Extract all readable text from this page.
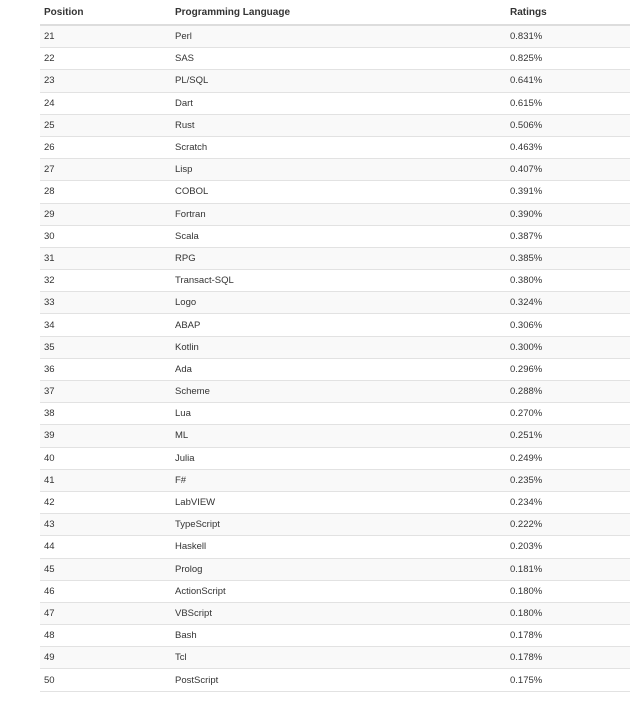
Position	Programming Language	Ratings
21	Perl	0.831%
22	SAS	0.825%
23	PL/SQL	0.641%
24	Dart	0.615%
25	Rust	0.506%
26	Scratch	0.463%
27	Lisp	0.407%
28	COBOL	0.391%
29	Fortran	0.390%
30	Scala	0.387%
31	RPG	0.385%
32	Transact-SQL	0.380%
33	Logo	0.324%
34	ABAP	0.306%
35	Kotlin	0.300%
36	Ada	0.296%
37	Scheme	0.288%
38	Lua	0.270%
39	ML	0.251%
40	Julia	0.249%
41	F#	0.235%
42	LabVIEW	0.234%
43	TypeScript	0.222%
44	Haskell	0.203%
45	Prolog	0.181%
46	ActionScript	0.180%
47	VBScript	0.180%
48	Bash	0.178%
49	Tcl	0.178%
50	PostScript	0.175%
